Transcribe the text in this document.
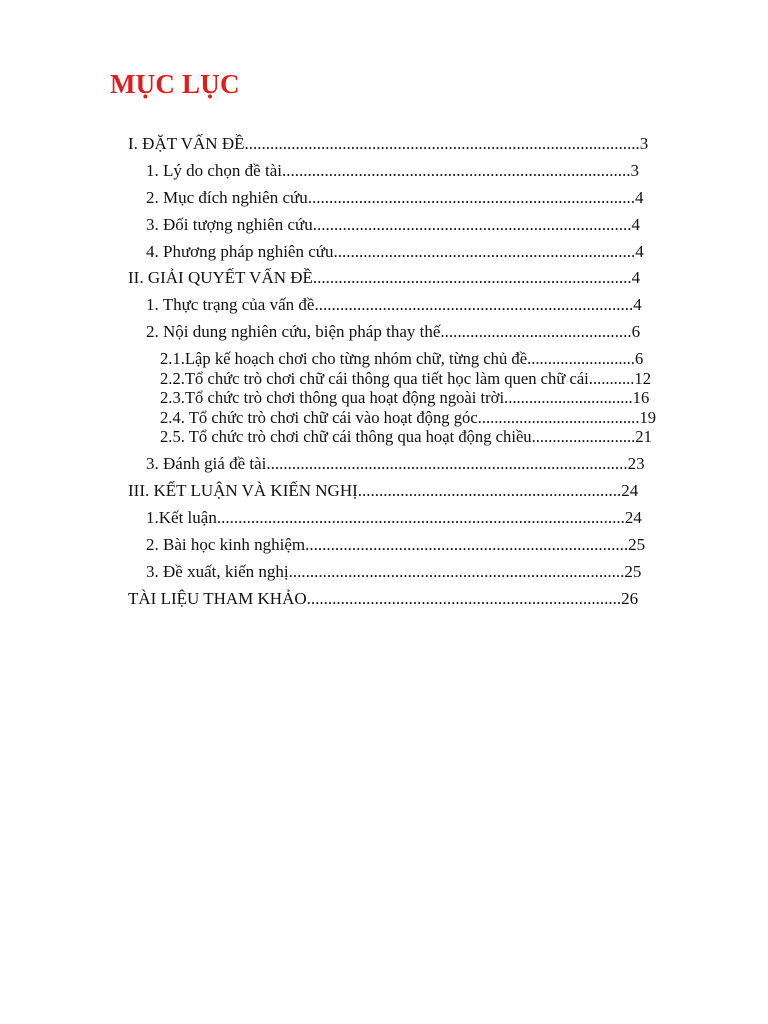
MỤC LỤC
I. ĐẶT VẤN ĐỀ.............................................................................................3
1. Lý do chọn đề tài..................................................................................3
2. Mục đích nghiên cứu.............................................................................4
3. Đối tượng nghiên cứu...........................................................................4
4. Phương pháp nghiên cứu.......................................................................4
II. GIẢI QUYẾT VẤN ĐỀ...........................................................................4
1. Thực trạng của vấn đề...........................................................................4
2. Nội dung nghiên cứu, biện pháp thay thế.............................................6
2.1.Lập kế hoạch chơi cho từng nhóm chữ, từng chủ đề..........................6
2.2.Tổ chức trò chơi chữ cái thông qua tiết học làm quen chữ cái...........12
2.3.Tổ chức trò chơi thông qua hoạt động ngoài trời...............................16
2.4. Tổ chức trò chơi chữ cái vào hoạt động góc.......................................19
2.5. Tổ chức trò chơi chữ cái thông qua hoạt động chiều.........................21
3. Đánh giá đề tài.....................................................................................23
III. KẾT LUẬN VÀ KIẾN NGHỊ..............................................................24
1.Kết luận................................................................................................24
2. Bài học kinh nghiệm............................................................................25
3. Đề xuất, kiến nghị...............................................................................25
TÀI LIỆU THAM KHẢO..........................................................................26
